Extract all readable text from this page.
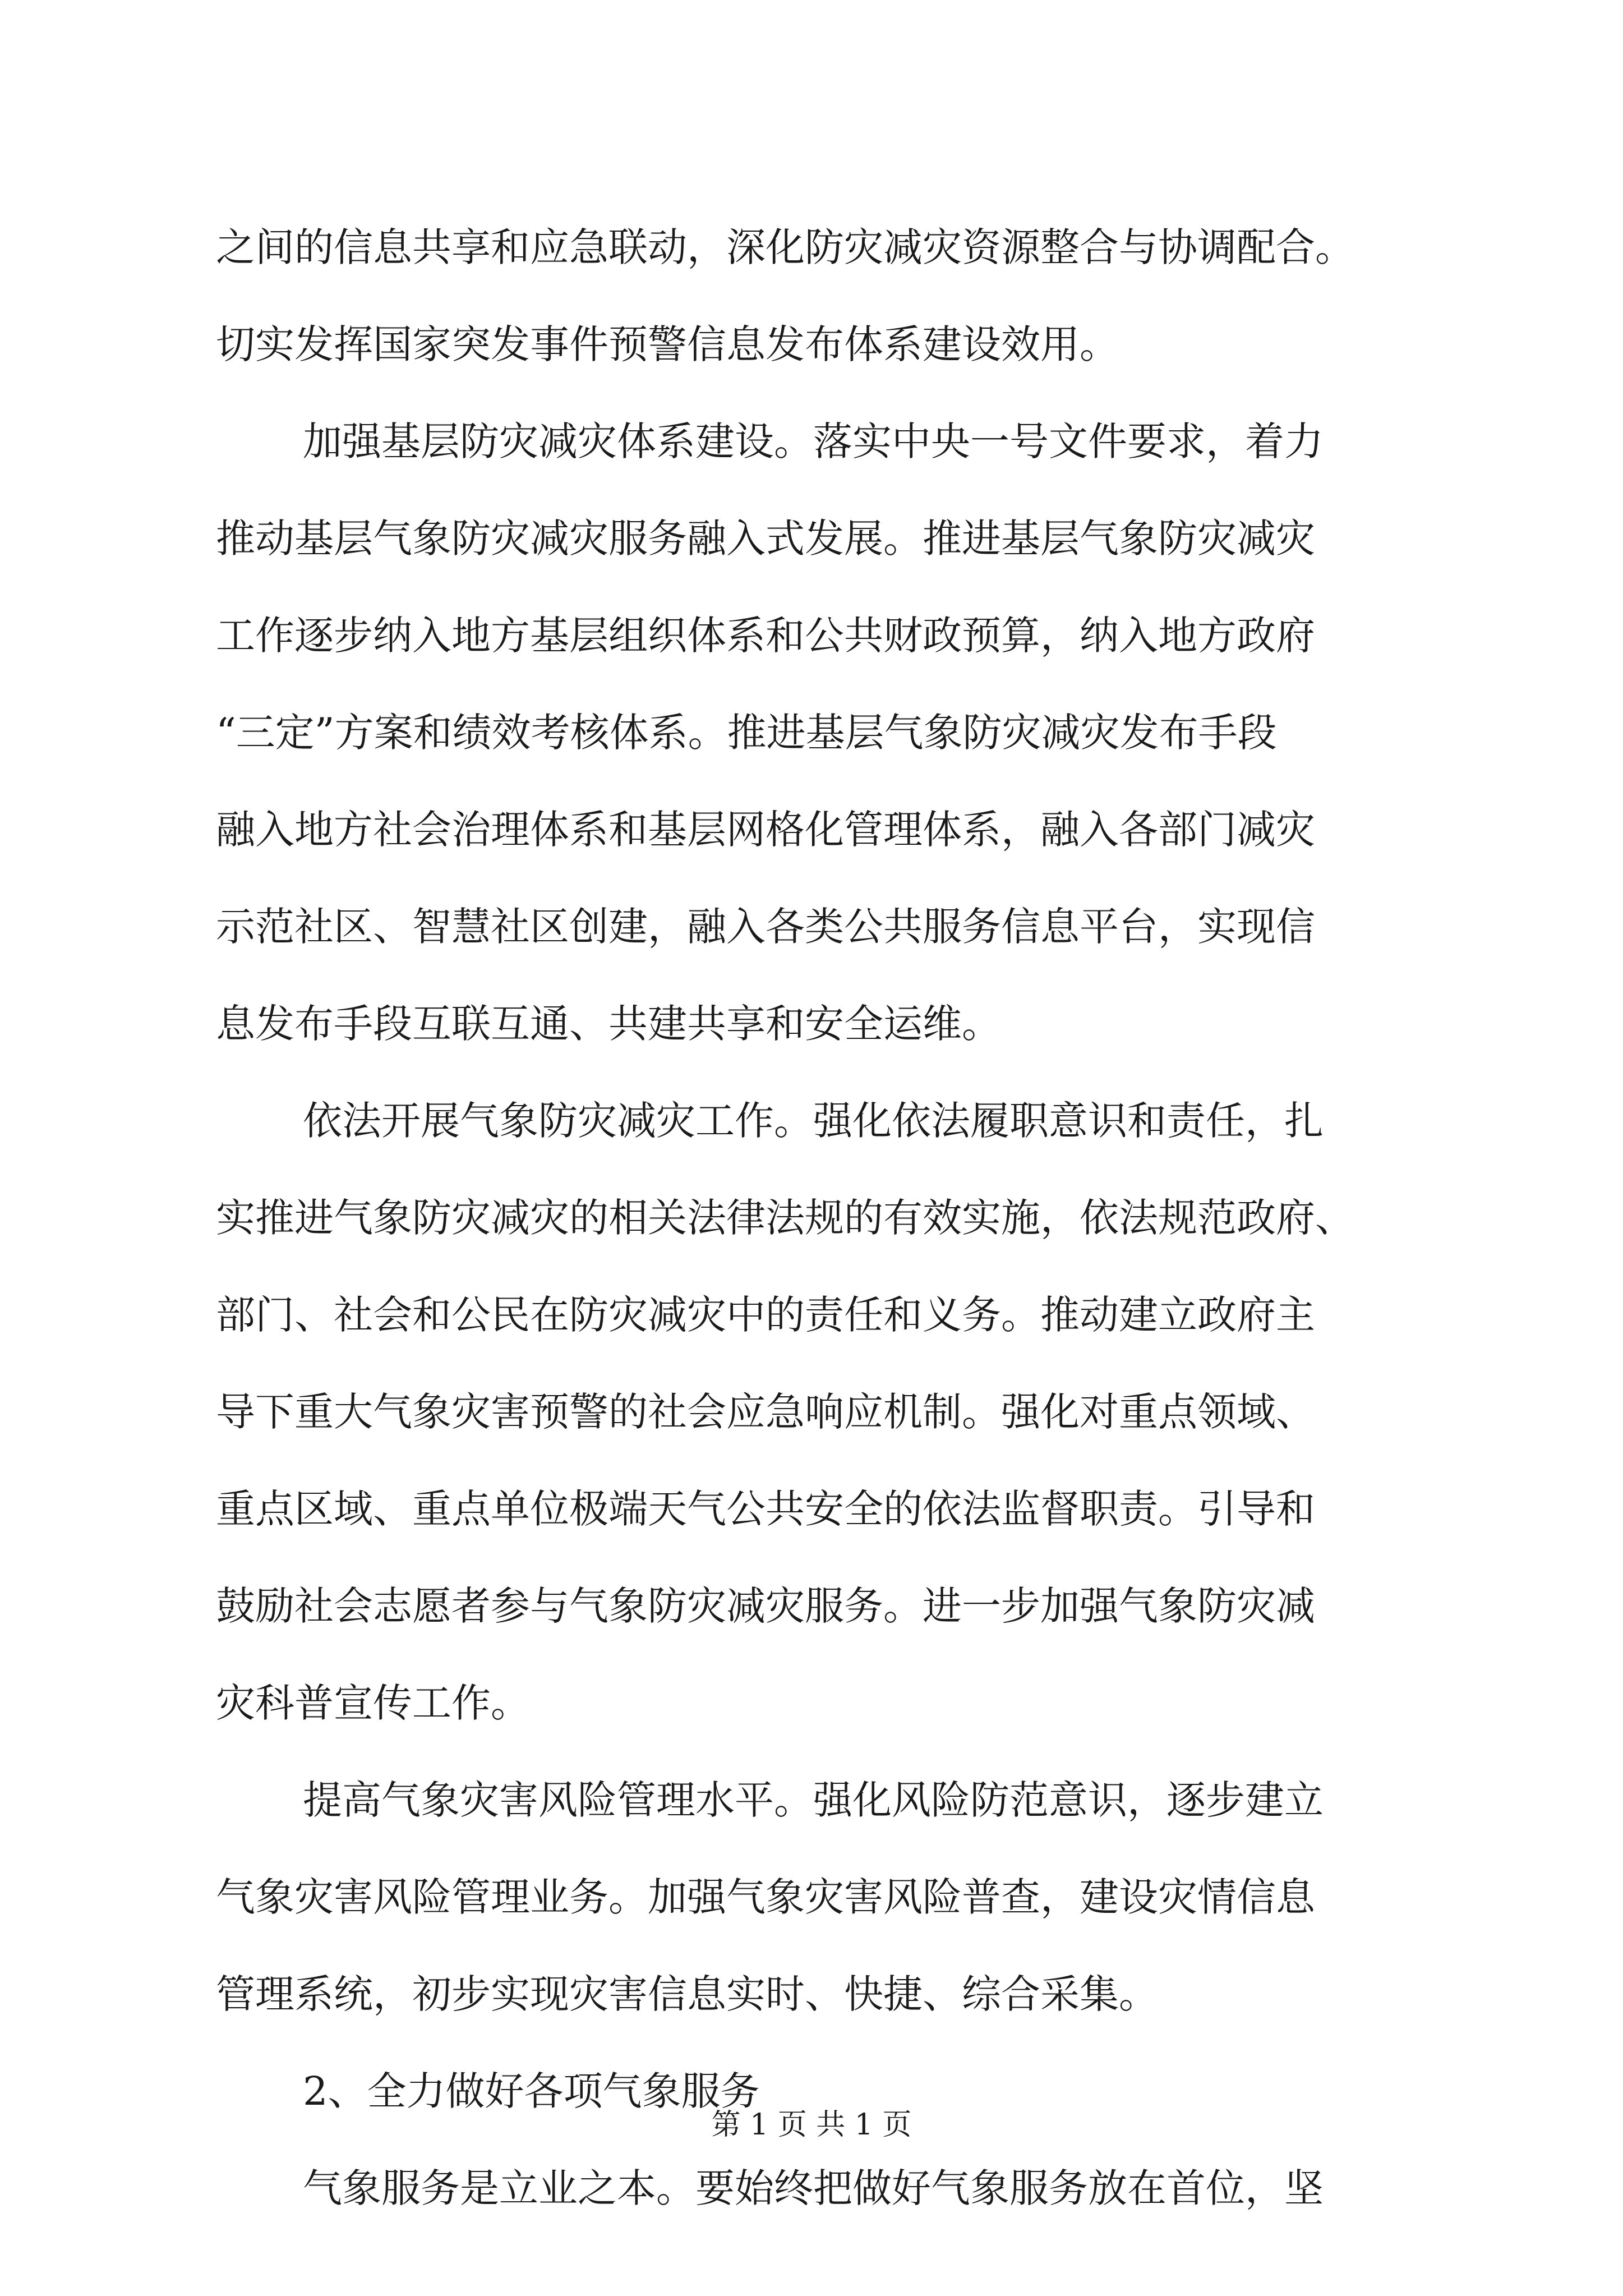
之间的信息共享和应急联动，深化防灾减灾资源整合与协调配合。
切实发挥国家突发事件预警信息发布体系建设效用。
加强基层防灾减灾体系建设。落实中央一号文件要求，着力
推动基层气象防灾减灾服务融入式发展。推进基层气象防灾减灾
工作逐步纳入地方基层组织体系和公共财政预算，纳入地方政府
“三定”方案和绩效考核体系。推进基层气象防灾减灾发布手段
融入地方社会治理体系和基层网格化管理体系，融入各部门减灾
示范社区、智慧社区创建，融入各类公共服务信息平台，实现信
息发布手段互联互通、共建共享和安全运维。
依法开展气象防灾减灾工作。强化依法履职意识和责任，扎
实推进气象防灾减灾的相关法律法规的有效实施，依法规范政府、
部门、社会和公民在防灾减灾中的责任和义务。推动建立政府主
导下重大气象灾害预警的社会应急响应机制。强化对重点领域、
重点区域、重点单位极端天气公共安全的依法监督职责。引导和
鼓励社会志愿者参与气象防灾减灾服务。进一步加强气象防灾减
灾科普宣传工作。
提高气象灾害风险管理水平。强化风险防范意识，逐步建立
气象灾害风险管理业务。加强气象灾害风险普查，建设灾情信息
管理系统，初步实现灾害信息实时、快捷、综合采集。
2、全力做好各项气象服务
气象服务是立业之本。要始终把做好气象服务放在首位，坚
第 1 页 共 1 页
